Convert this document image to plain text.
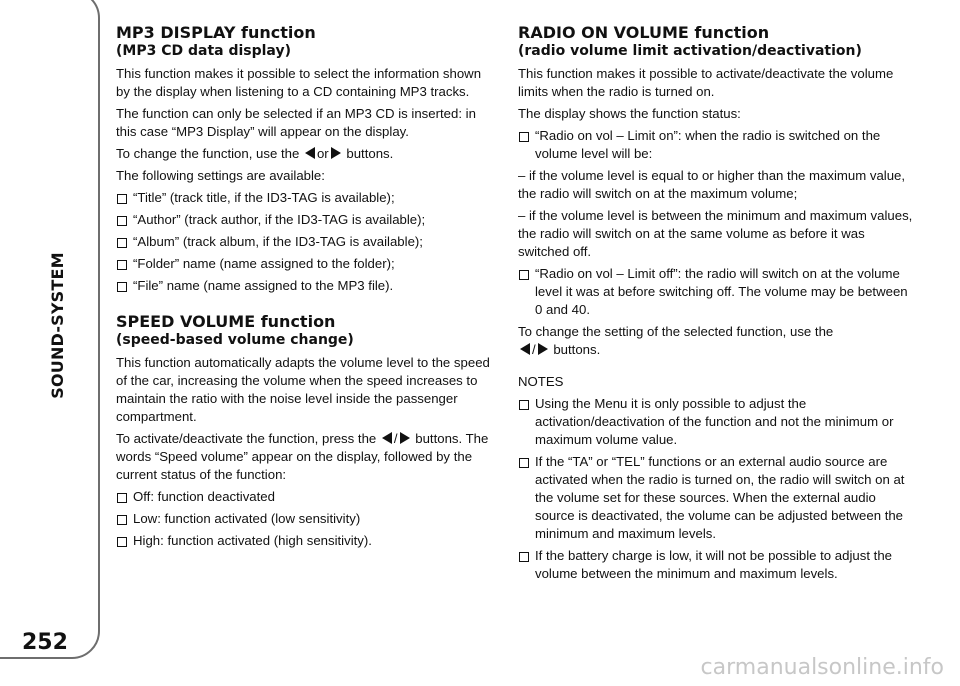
SOUND-SYSTEM
252
MP3 DISPLAY function
(MP3 CD data display)

This function makes it possible to select the information shown by the display when listening to a CD containing MP3 tracks.

The function can only be selected if an MP3 CD is inserted: in this case “MP3 Display” will appear on the display.

To change the function, use the or buttons.

The following settings are available:

“Title” (track title, if the ID3-TAG is available);

“Author” (track author, if the ID3-TAG is available);

“Album” (track album, if the ID3-TAG is available);

“Folder” name (name assigned to the folder);

“File” name (name assigned to the MP3 file).

SPEED VOLUME function
(speed-based volume change)

This function automatically adapts the volume level to the speed of the car, increasing the volume when the speed increases to maintain the ratio with the noise level inside the passenger compartment.

To activate/deactivate the function, press the / buttons. The words “Speed volume” appear on the display, followed by the current status of the function:

Off: function deactivated

Low: function activated (low sensitivity)

High: function activated (high sensitivity).

RADIO ON VOLUME function
(radio volume limit activation/deactivation)

This function makes it possible to activate/deactivate the volume limits when the radio is turned on.

The display shows the function status:

“Radio on vol – Limit on”: when the radio is switched on the volume level will be:

– if the volume level is equal to or higher than the maximum value, the radio will switch on at the maximum volume;

– if the volume level is between the minimum and maximum values, the radio will switch on at the same volume as before it was switched off.

“Radio on vol – Limit off”: the radio will switch on at the volume level it was at before switching off. The volume may be between 0 and 40.

To change the setting of the selected function, use the
/ buttons.

NOTES

Using the Menu it is only possible to adjust the activation/deactivation of the function and not the minimum or maximum volume value.

If the “TA” or “TEL” functions or an external audio source are activated when the radio is turned on, the radio will switch on at the volume set for these sources. When the external audio source is deactivated, the volume can be adjusted between the minimum and maximum levels.

If the battery charge is low, it will not be possible to adjust the volume between the minimum and maximum levels.

carmanualsonline.info
